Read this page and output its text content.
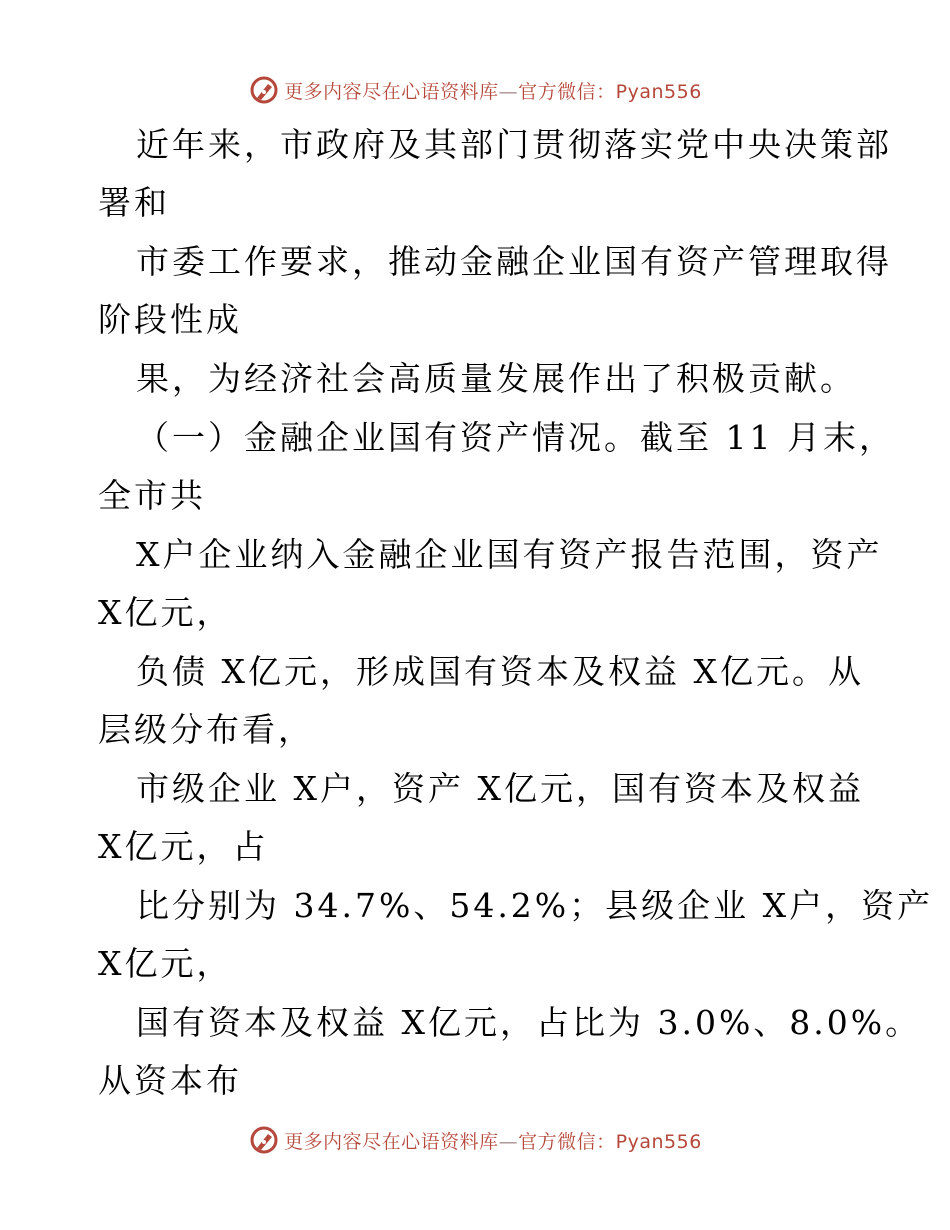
更多内容尽在心语资料库—官方微信：Pyan556
近年来，市政府及其部门贯彻落实党中央决策部
署和
市委工作要求，推动金融企业国有资产管理取得
阶段性成
果，为经济社会高质量发展作出了积极贡献。
（一）金融企业国有资产情况。截至 11 月末，
全市共
X户企业纳入金融企业国有资产报告范围，资产
X亿元，
负债 X亿元，形成国有资本及权益 X亿元。从
层级分布看，
市级企业 X户，资产 X亿元，国有资本及权益
X亿元，占
比分别为 34.7%、54.2%；县级企业 X户，资产
X亿元，
国有资本及权益 X亿元，占比为 3.0%、8.0%。
从资本布
更多内容尽在心语资料库—官方微信：Pyan556
